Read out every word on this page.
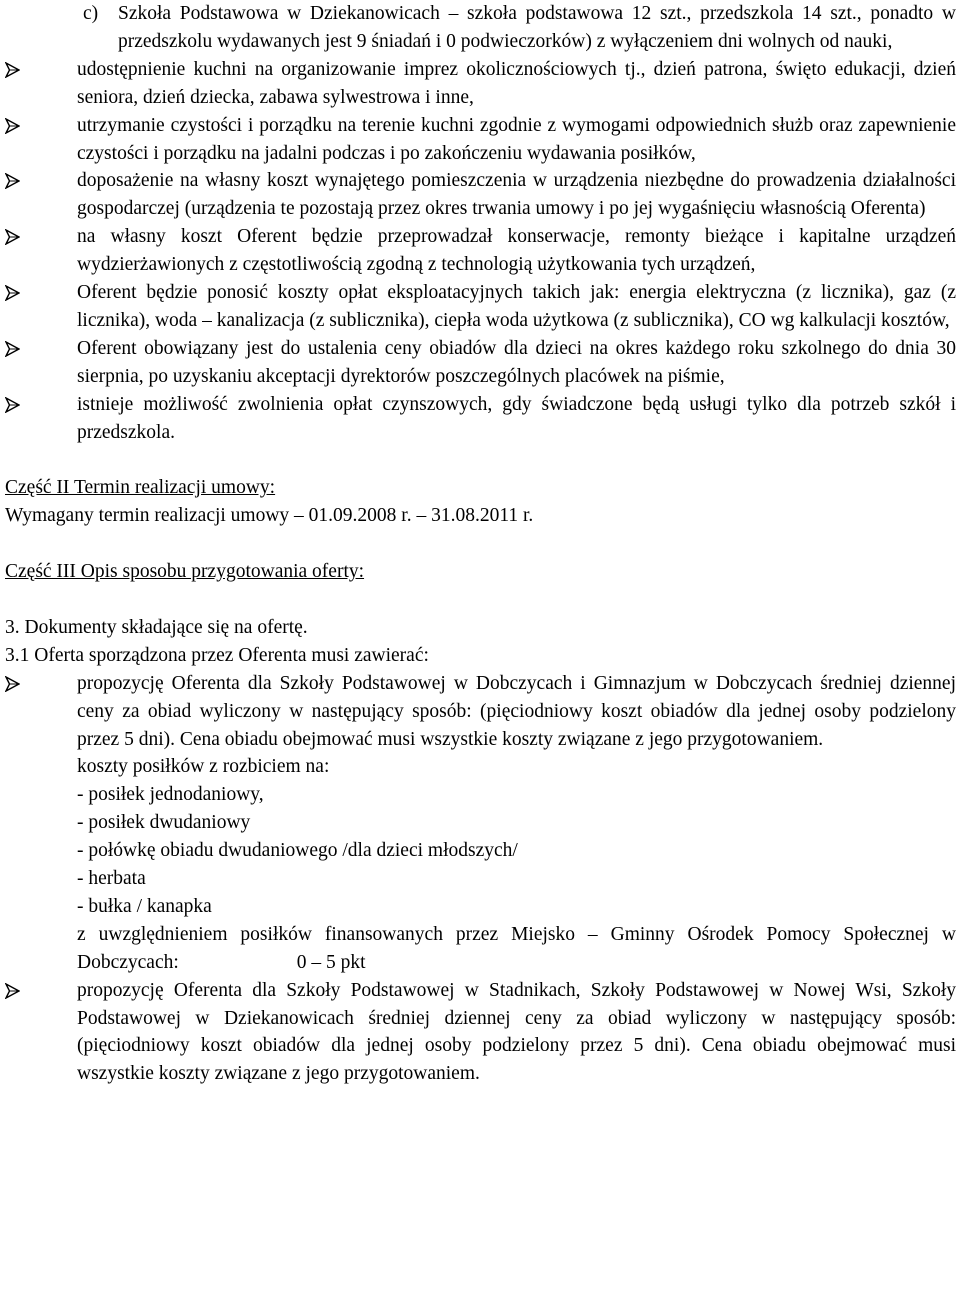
c)	Szkoła Podstawowa w Dziekanowicach – szkoła podstawowa 12 szt., przedszkola 14 szt., ponadto w przedszkolu wydawanych jest 9 śniadań i 0 podwieczorków) z wyłączeniem dni wolnych od nauki,

udostępnienie kuchni na organizowanie imprez okolicznościowych tj., dzień patrona, święto edukacji, dzień seniora, dzień dziecka, zabawa sylwestrowa i inne,

utrzymanie czystości i porządku na terenie kuchni zgodnie z wymogami odpowiednich służb oraz zapewnienie czystości i porządku na jadalni podczas i po zakończeniu wydawania posiłków,

doposażenie na własny koszt wynajętego pomieszczenia w urządzenia niezbędne do prowadzenia działalności gospodarczej (urządzenia te pozostają przez okres trwania umowy i po jej wygaśnięciu własnością Oferenta)

na własny koszt Oferent będzie przeprowadzał konserwacje, remonty bieżące i kapitalne urządzeń wydzierżawionych z częstotliwością zgodną z technologią użytkowania tych urządzeń,

Oferent będzie ponosić koszty opłat eksploatacyjnych takich jak: energia elektryczna (z licznika), gaz (z licznika), woda – kanalizacja (z sublicznika), ciepła woda użytkowa (z sublicznika), CO wg kalkulacji kosztów,

Oferent obowiązany jest do ustalenia ceny obiadów dla dzieci na okres każdego roku szkolnego do dnia 30 sierpnia, po uzyskaniu akceptacji dyrektorów poszczególnych placówek na piśmie,

istnieje możliwość zwolnienia opłat czynszowych, gdy świadczone będą usługi tylko dla potrzeb szkół i przedszkola.

Część II Termin realizacji umowy:
Wymagany termin realizacji umowy – 01.09.2008 r. – 31.08.2011 r.
Część III Opis sposobu przygotowania oferty:
3. Dokumenty składające się na ofertę.
3.1 Oferta sporządzona przez Oferenta musi zawierać:

propozycję Oferenta dla Szkoły Podstawowej w Dobczycach i Gimnazjum w Dobczycach średniej dziennej ceny za obiad wyliczony w następujący sposób: (pięciodniowy koszt obiadów dla jednej osoby podzielony przez 5 dni). Cena obiadu obejmować musi wszystkie koszty związane z jego przygotowaniem.

koszty posiłków z rozbiciem na:

- posiłek jednodaniowy,

- posiłek dwudaniowy

- połówkę obiadu dwudaniowego /dla dzieci młodszych/

- herbata

- bułka / kanapka

z uwzględnieniem posiłków finansowanych przez Miejsko – Gminny Ośrodek Pomocy Społecznej w Dobczycach:	0 – 5 pkt

propozycję Oferenta dla Szkoły Podstawowej w Stadnikach, Szkoły Podstawowej w Nowej Wsi, Szkoły Podstawowej w Dziekanowicach średniej dziennej ceny za obiad wyliczony w następujący sposób: (pięciodniowy koszt obiadów dla jednej osoby podzielony przez 5 dni). Cena obiadu obejmować musi wszystkie koszty związane z jego przygotowaniem.
